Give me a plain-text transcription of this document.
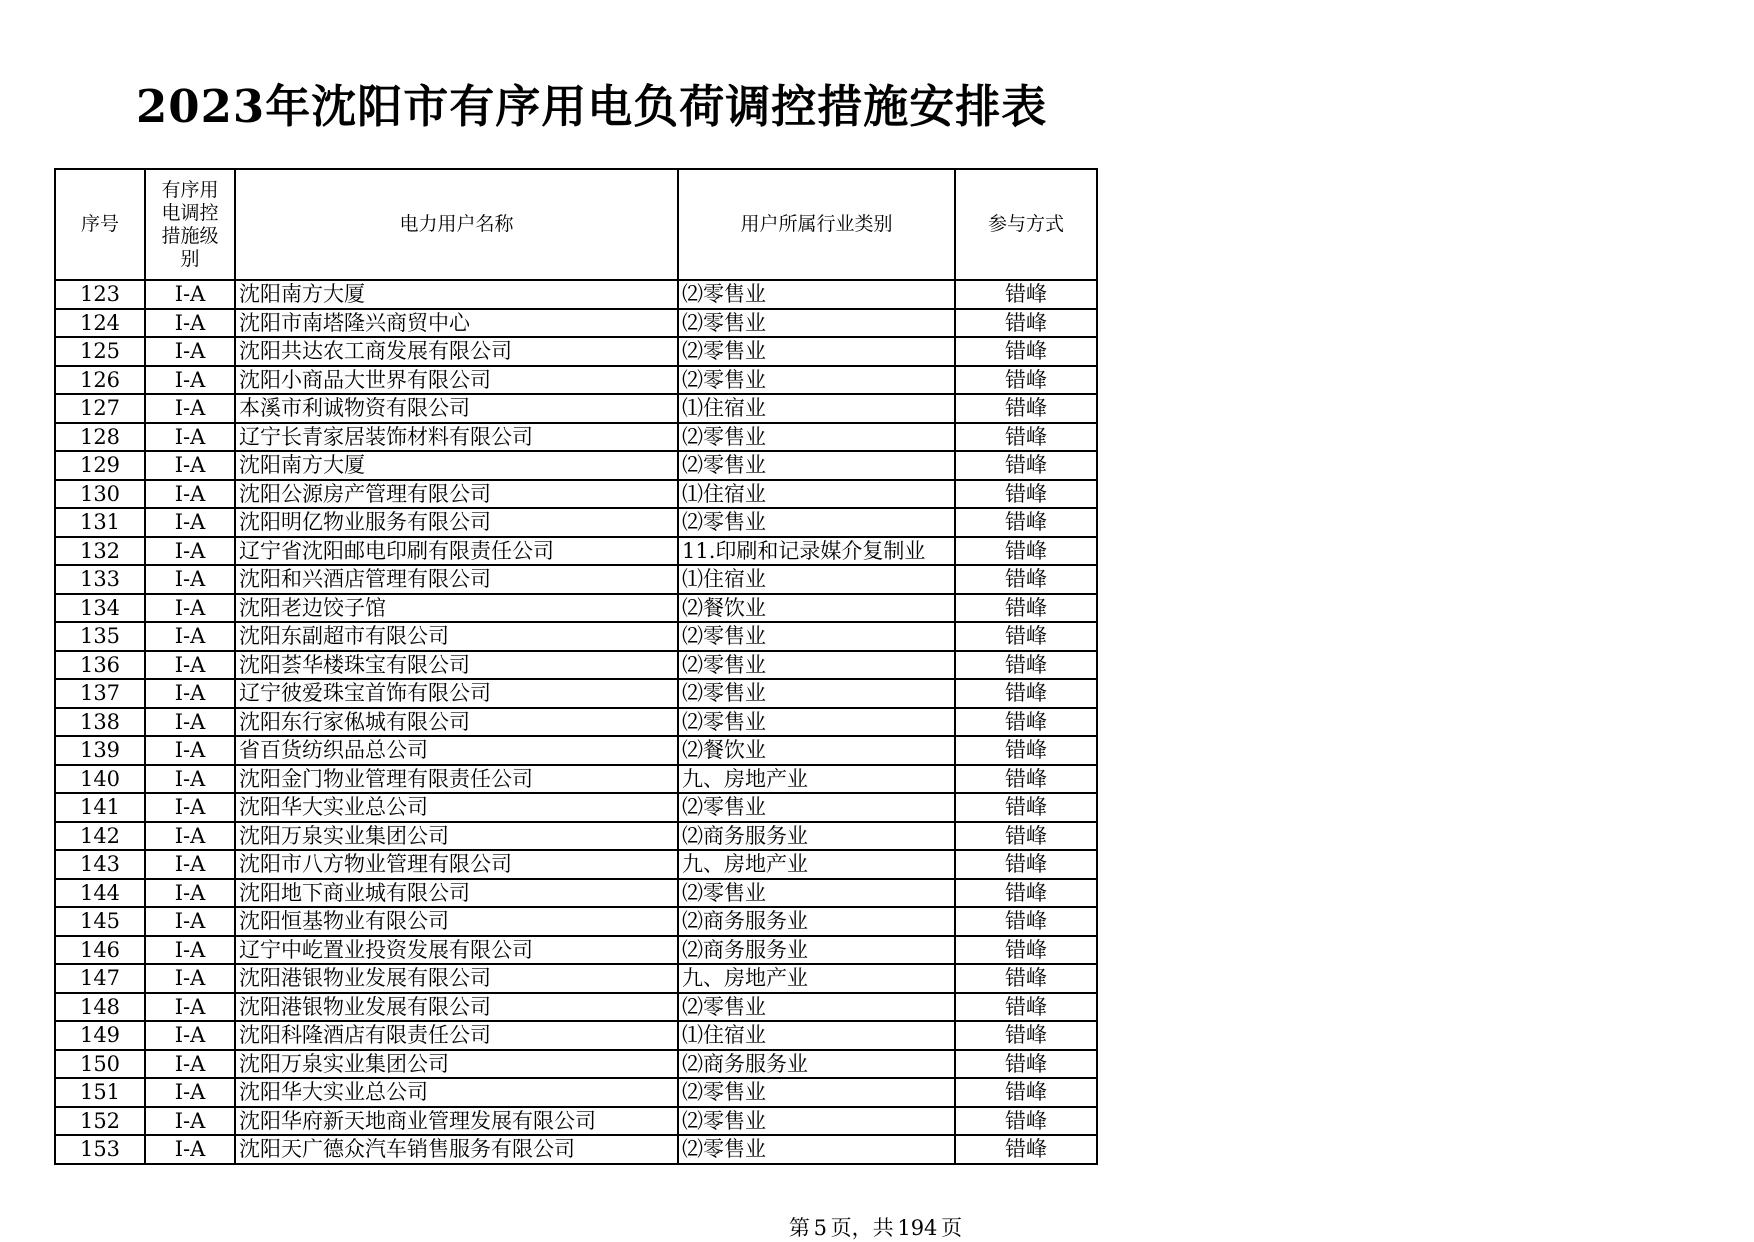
2023年沈阳市有序用电负荷调控措施安排表
序号	有序用电调控措施级别	电力用户名称	用户所属行业类别	参与方式
123	Ⅰ-A	沈阳南方大厦	⑵零售业	错峰
124	Ⅰ-A	沈阳市南塔隆兴商贸中心	⑵零售业	错峰
125	Ⅰ-A	沈阳共达农工商发展有限公司	⑵零售业	错峰
126	Ⅰ-A	沈阳小商品大世界有限公司	⑵零售业	错峰
127	Ⅰ-A	本溪市利诚物资有限公司	⑴住宿业	错峰
128	Ⅰ-A	辽宁长青家居装饰材料有限公司	⑵零售业	错峰
129	Ⅰ-A	沈阳南方大厦	⑵零售业	错峰
130	Ⅰ-A	沈阳公源房产管理有限公司	⑴住宿业	错峰
131	Ⅰ-A	沈阳明亿物业服务有限公司	⑵零售业	错峰
132	Ⅰ-A	辽宁省沈阳邮电印刷有限责任公司	11.印刷和记录媒介复制业	错峰
133	Ⅰ-A	沈阳和兴酒店管理有限公司	⑴住宿业	错峰
134	Ⅰ-A	沈阳老边饺子馆	⑵餐饮业	错峰
135	Ⅰ-A	沈阳东副超市有限公司	⑵零售业	错峰
136	Ⅰ-A	沈阳荟华楼珠宝有限公司	⑵零售业	错峰
137	Ⅰ-A	辽宁彼爱珠宝首饰有限公司	⑵零售业	错峰
138	Ⅰ-A	沈阳东行家俬城有限公司	⑵零售业	错峰
139	Ⅰ-A	省百货纺织品总公司	⑵餐饮业	错峰
140	Ⅰ-A	沈阳金门物业管理有限责任公司	九、房地产业	错峰
141	Ⅰ-A	沈阳华大实业总公司	⑵零售业	错峰
142	Ⅰ-A	沈阳万泉实业集团公司	⑵商务服务业	错峰
143	Ⅰ-A	沈阳市八方物业管理有限公司	九、房地产业	错峰
144	Ⅰ-A	沈阳地下商业城有限公司	⑵零售业	错峰
145	Ⅰ-A	沈阳恒基物业有限公司	⑵商务服务业	错峰
146	Ⅰ-A	辽宁中屹置业投资发展有限公司	⑵商务服务业	错峰
147	Ⅰ-A	沈阳港银物业发展有限公司	九、房地产业	错峰
148	Ⅰ-A	沈阳港银物业发展有限公司	⑵零售业	错峰
149	Ⅰ-A	沈阳科隆酒店有限责任公司	⑴住宿业	错峰
150	Ⅰ-A	沈阳万泉实业集团公司	⑵商务服务业	错峰
151	Ⅰ-A	沈阳华大实业总公司	⑵零售业	错峰
152	Ⅰ-A	沈阳华府新天地商业管理发展有限公司	⑵零售业	错峰
153	Ⅰ-A	沈阳天广德众汽车销售服务有限公司	⑵零售业	错峰
第 5 页，共 194 页
